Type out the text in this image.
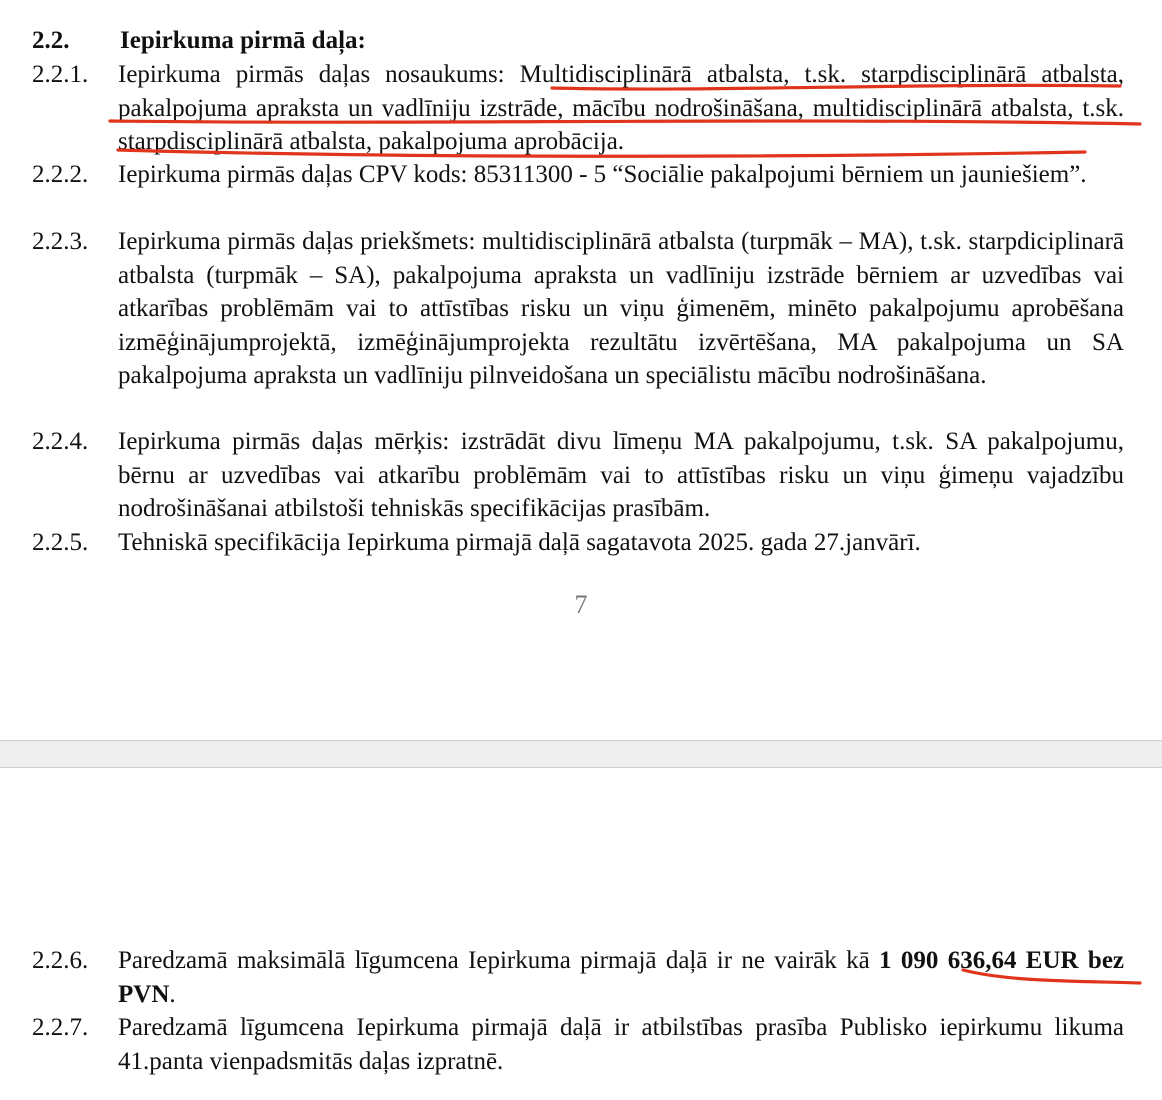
2.2. Iepirkuma pirmā daļa:
2.2.1. Iepirkuma pirmās daļas nosaukums: Multidisciplinārā atbalsta, t.sk. starpdisciplinārā atbalsta, pakalpojuma apraksta un vadlīniju izstrāde, mācību nodrošināšana, multidisciplinārā atbalsta, t.sk. starpdisciplinārā atbalsta, pakalpojuma aprobācija.
2.2.2. Iepirkuma pirmās daļas CPV kods: 85311300 - 5 “Sociālie pakalpojumi bērniem un jauniešiem”.
2.2.3. Iepirkuma pirmās daļas priekšmets: multidisciplinārā atbalsta (turpmāk – MA), t.sk. starpdiciplinarā atbalsta (turpmāk – SA), pakalpojuma apraksta un vadlīniju izstrāde bērniem ar uzvedības vai atkarības problēmām vai to attīstības risku un viņu ģimenēm, minēto pakalpojumu aprobēšana izmēģinājumprojektā, izmēģinājumprojekta rezultātu izvērtēšana, MA pakalpojuma un SA pakalpojuma apraksta un vadlīniju pilnveidošana un speciālistu mācību nodrošināšana.
2.2.4. Iepirkuma pirmās daļas mērķis: izstrādāt divu līmeņu MA pakalpojumu, t.sk. SA pakalpojumu, bērnu ar uzvedības vai atkarību problēmām vai to attīstības risku un viņu ģimeņu vajadzību nodrošināšanai atbilstoši tehniskās specifikācijas prasībām.
2.2.5. Tehniskā specifikācija Iepirkuma pirmajā daļā sagatavota 2025. gada 27.janvārī.
7
2.2.6. Paredzamā maksimālā līgumcena Iepirkuma pirmajā daļā ir ne vairāk kā 1 090 636,64 EUR bez PVN.
2.2.7. Paredzamā līgumcena Iepirkuma pirmajā daļā ir atbilstības prasība Publisko iepirkumu likuma 41.panta vienpadsmitās daļas izpratnē.
